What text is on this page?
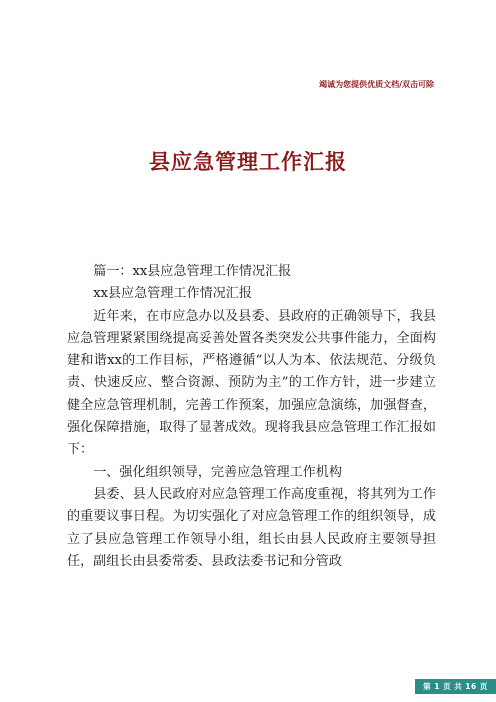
竭诚为您提供优质文档/双击可除
县应急管理工作汇报

篇一：xx县应急管理工作情况汇报

xx县应急管理工作情况汇报

近年来，在市应急办以及县委、县政府的正确领导下，我县应急管理紧紧围绕提高妥善处置各类突发公共事件能力，全面构建和谐xx的工作目标，严格遵循“以人为本、依法规范、分级负责、快速反应、整合资源、预防为主”的工作方针，进一步建立健全应急管理机制，完善工作预案，加强应急演练，加强督查，强化保障措施，取得了显著成效。现将我县应急管理工作汇报如下：

一、强化组织领导，完善应急管理工作机构

县委、县人民政府对应急管理工作高度重视，将其列为工作的重要议事日程。为切实强化了对应急管理工作的组织领导，成立了县应急管理工作领导小组，组长由县人民政府主要领导担任，副组长由县委常委、县政法委书记和分管政

第 1 页 共 16 页
